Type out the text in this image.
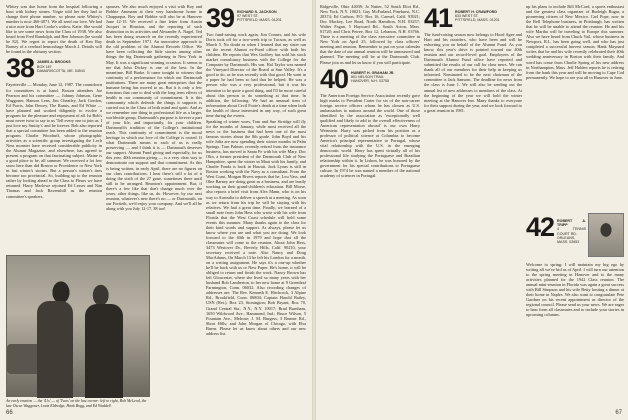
Whitey was due home from the hospital following a bout with kidney stones. Virgie told her they had to change their phone number, so please note Whitey's number is now 466-4071. We all send our love. We had a nice note from Hart Cooke's widow, Katie. She would like to see some news from the Class of 1938. We also heard from Fred Randolph, and Ben Johnson (he would be 82). We regret to report the death of Ken Ray Barney of a cerebral hemorrhage March 2. Details will be found in the obituary section.

38 JAMES A. BROOKS
BOX 187
DAMARISCOTTA, ME. 04543

Fayetteville — Monday, June 12, 1987. The countdown for committees is at hand. Boston attendees Joe Pearson and his committee — Johnny Johnson, Gene Waggoner, Hanson Lens, Jim Cheatley, Jack Gordon, Ed Porris, John Dewey, The Ramis, and Ed White — have planned and worked diligently to evolve a program for the pleasure and enjoyment of all. Ist Bob's must never twist to say to us 'Tell every one to join us. I just love my Smitty's' and be forever. Bob also reported that a special committee has been added to the reunion program. Charlie Woodruff, whose photographic activities as a scientific group investigating the Loch Ness monster have received considerable publicity in the Alumni Magazine, and elsewhere, has agreed to present a program on that fascinating subject. Maine is a good place to be, all summer. We received a lot few snow here than did Boston or Providence or New York in last winter's storms. But a person's winter's tires become too provincial. So, building up to the reunion rather by looking ahead to the Class to Fleurs we have returned. Harry Marlowe rejoined Ed Lesser and Nan Thomas and Jack Ravenshill as the reunion committee's speakers.

spouses. We also much enjoyed a visit with Roy and Bobbie Ammann at their very handsome home in Chappaqua. Roy and Bobbie will also be at Hanover June 12-15. We received a fine letter from Austin Jacquet in Houston, and the reporting of such distinction in its activities and Alexander A. Nagel. Ted has been doing research on the recently experienced death in September 1971. An innovative approach to the old problem of the Alumni Records Office. We have been collecting the little stories among other things the big Dartmouth gathering in New York in May. It was a significant winning occasion. It seems to me that John Dickey is one of the best. In the meantime, Bill Burke. It came tonight to witness that continuity of a performance for which our Dartmouth institutions. There are many great enterprises that the humane being has moved to us. But it is only a few functions that care to deal with the long term effects of health in our community of commitment. It is this community which defends the things it supports is carried out in the Class of both mind and spirit. And as we remember one thing in professional life as a larger, worldwide group, Dartmouth's purpose is forever a part of your life, and importantly, for your children. Dartmouth's tradition of the College's institutional reach. This continuity of commitment is the moral heritage in which our love of the College is rooted. If what Dartmouth means to each of us is really preserving — and I think it is — Dartmouth deserves our support. Alumni Fund giving and especially, for us this year, 40th reunion giving — is a very clear way to demonstrate our support and that commitment. As this is being written, in early April, there are no figures on our class contributions. I hear there's still a lot of it doing the sixth of the 27 gone, sometimes there until still to be arranged. Reunion's appointment. But, if there's a few like that don't change much over the years, other things, like us, do. However, by our next reunion, whatever's new there's no — or Dartmouth, on our Fortieth, we'd enjoy your company. And we'll all be along with you July 12-17, 38 too!

An early reunion — the '41s' — of 'Twos' on the last corner: left to right, Bob McLeod, the late Oscar Waggoner, Louis Eldredge, Hank Bogg, and Ed Waddell.
39 RICHARD S. JACKSON
97 WEST ST.
PITTSFIELD, MASS. 01201

Two fund-raising work again, Jim Conner, and his wife Doris took off for a two-week trip to Tucson, as well as March 5. No doubt as when I learned that my sister ran on the recent Alumni ex-Fund officer with both his children. He reports that Wes Godfrey has sold his stock market consultancy business with the College for the Computer by Dartmouth. His son. Hal Taylor was named the Vineyard Director of the Board at Sun Valley. It's a good to do, as he was recently with that good. He went in a paper he had been so bad that he helped. He was a person who was a very professional, but it was his intention to be quite a good thing, and I'll be more careful about this person to do something at that time. In addition, the following: We had an unusual item of information about Cecil Foote's death at a time when both the health of those interested in any way, of such great time during the events.

Speaking of winter woes, Tom and Sue Sirridge will fly for the months of January, while most received all the news or the business that had been one of the most famous stories about the 8th grade. John Boyd and his wife Julia are now spending their winter months in Palm Springs. Tom Palmer, recently retired from the insurance business, has moved to Santa Fe with his wife Mary. Doc Olin, a former president of the Dartmouth Club of New Hampshire, spent the winter in Maui with his family, and Charlie Fonda is back in Hawaii. Jack Lyons is still in Boston working with the Navy as a consultant. From the West Coast, Morgan Rivers reports that he, Lou Vass, and Olne Barney are doing great as a business, and are busily working on their grand-children's education. Bill Morse, also reports a brief visit from Alex Mann, who is on his way to Australia to deliver a speech at a meeting. As soon as we return from his trip he will be staying with his relatives. We had a great time. Finally, we learned of a small note from John Hess who wrote with his wife from Florida that the West Coast schedule will hold some events this summer. Many thanks again to the class for their kind words and support. As always, please let us know where you are and what you are doing. We look forward to the 40th in 1979 and hope that all the classmates will come to the reunion. About John Hess, 3473 Westover Dr., Beverly Hills, Calif. 90210, your secretary received a note. Also Nancy and Doug MacAdams, On March 13 he left his London for a month, on a writing assignment. He says it's a one-up whether he'll be back with us or New Paper. He's home, it will be obliged to return and finish the work. Nancy Brown has left Gloucester, where she lived so many years with her husband Bob Lamberton, to her new home at 9 Greenleaf Farmington, Conn. 06032. Also recording changes of addresses are: The Rev. Kenneth E. Hitchcock, 3 Alpine Rd., Brookfield, Conn. 06804; Captain Harold Bailey, USN (Ret.), Box 23, Stonington; Bob Bryant, Box 70, Grand Central Sta., N.Y., N.Y. 10017; Brad Burnham, 1650 Wildwood Ave., Hammond, Ind.; Bruce Wilson, 5 Fountain Ave., Melrose; J. M. Burgess, 3 Bonner Rd., Short Hills; and John Morgan of Chicago, with Elsa Burns. Please let us know about others and our new address list.

66

Ridgeville, Ohio 44039; Jo Nutter, 52 South Eliot Rd., New York, N.Y. 10021; Guy McFarland, Pinehurst, N.C. 28374; Ed Carlson, P.O. Box 16, Carmel, Calif. 93921; Doc Mackey, Lee Road, North Hamilton, N.H. 03257; Walter Fagan, 5 Hayward Rd., South Acton, Mass. 01720; and Chris Petree, Box 12, Lebanon, N.H. 03766. There is a meeting of the class executive committee in New York on April 25, followed by class officers' meeting and reunion. Remember to put on your calendar that the date of our annual reunion will be announced and planned. The meeting will be at the Dartmouth Club. Please join us and let us know if you will participate.

40 HUBERT H. GRAHAM JR.
801 NELSON TRAIL
HANOVER, N.H. 03755

The American Foreign Service Association recently gave high marks to President Carter for six of the non-career foreign service officers whom he has chosen as U.S. ambassadors to nations around the world. One of those identified by the association as 'exceptionally well qualified and likely to add to the overall effectiveness of American representation abroad' is our own Harry Weinstein. Harry was picked from his position as a professor of political science at Columbia to become America's principal representative to Portugal, whose vital relationship with the U.S. in the emerging democratic world. Harry has spent virtually all of his professional life studying the Portuguese and Brazilian relationship within it. In Lisbon, he was honored by the government for his special contributions to Portuguese culture. In 1974 he was named a member of the national academy of sciences in Portugal.

41 ROBERT H. CRAWFORD
633 WEST ST.
PITTSFIELD, MASS. 01201

The fund-raising season now belongs to Hood Agee and Hart and his outriders, who have been and will be exhorting you on behalf of the Alumni Fund. As you know, this year's drive is pointed toward our 40th reunion and our record-level goal. Employees of the Dartmouth Alumni Fund office have reported and submitted the results of our call for class news. We can thank all of our members for their help in keeping us informed. Nominated to be the next chairman of the committee is Jack Sansom. The deadline for news from the class is June 1. We will also be sending out the annual list of new addresses to members of the class. At the beginning of the year we will hold the winter meeting at the Hanover Inn. Many thanks to everyone for their support during the year, and we look forward to a great reunion in 1981.

up his plans to include Bill McCord, a sports enthusiast and the greatest class organizer of Burleigh Rugar, a pioneering citizen of New Mexico. Carl Pope, now in the Bell Telephone business, in Pittsburgh, has written that he will be unable to attend the reunion. He and his wife Martha will be traveling to Europe this summer. Also we have heard from Chuck Vail, whose business in Newport, R.I., has been going well, and who has just completed a successful harvest season. Hank Maynard writes that he and his wife recently celebrated their 40th wedding anniversary in Boston with their family. And word has come from Charlie Spring of his new address in Northampton, Mass. Jeff Holden reports he is retiring from the bank this year and will be moving to Cape Cod permanently. We hope to see you all in Hanover in June.

42 ROBERT A. TRIPP
4 TENNIS COURT RD.
ORLEANS, MASS. 02653

Welcome to spring; I will maintain my big ego by writing all we've bid as of April. I will turn our attention to the spring meeting in Hanover and to the many activities planned for the 1942 Class reunion. The annual mini-reunion in Florida was again a great success with Bill Simpson and his wife Betty hosting a dinner at their home in Naples. We also want to congratulate Pete Gardner on his recent appointment as director of the regional council. Please send us your news. We are eager to hear from all classmates and to include your stories in upcoming columns.

67
